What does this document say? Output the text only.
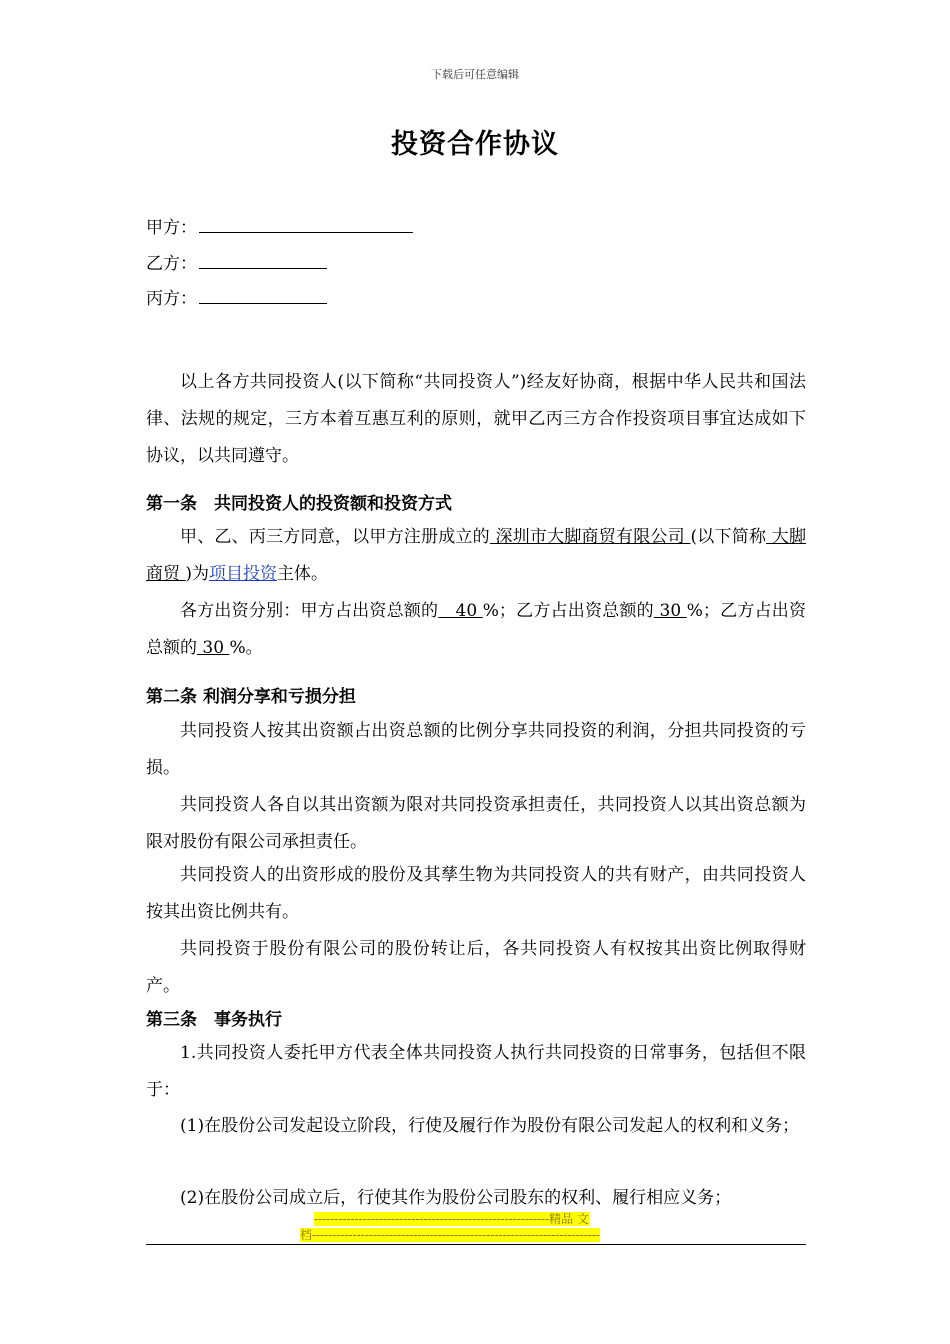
下载后可任意编辑
投资合作协议
甲方：
乙方：
丙方：
以上各方共同投资人(以下简称“共同投资人”)经友好协商，根据中华人民共和国法律、法规的规定，三方本着互惠互利的原则，就甲乙丙三方合作投资项目事宜达成如下协议，以共同遵守。
第一条　共同投资人的投资额和投资方式
甲、乙、丙三方同意，以甲方注册成立的 深圳市大脚商贸有限公司 (以下简称 大脚商贸 )为项目投资主体。
各方出资分别：甲方占出资总额的　40 %；乙方占出资总额的 30 %；乙方占出资总额的 30 %。
第二条 利润分享和亏损分担
共同投资人按其出资额占出资总额的比例分享共同投资的利润，分担共同投资的亏损。
共同投资人各自以其出资额为限对共同投资承担责任，共同投资人以其出资总额为限对股份有限公司承担责任。
共同投资人的出资形成的股份及其孳生物为共同投资人的共有财产，由共同投资人按其出资比例共有。
共同投资于股份有限公司的股份转让后，各共同投资人有权按其出资比例取得财产。
第三条　事务执行
1.共同投资人委托甲方代表全体共同投资人执行共同投资的日常事务，包括但不限于：
(1)在股份公司发起设立阶段，行使及履行作为股份有限公司发起人的权利和义务；
(2)在股份公司成立后，行使其作为股份公司股东的权利、履行相应义务；
----------------------------------------------------------精品 文
档-----------------------------------------------------------------------
